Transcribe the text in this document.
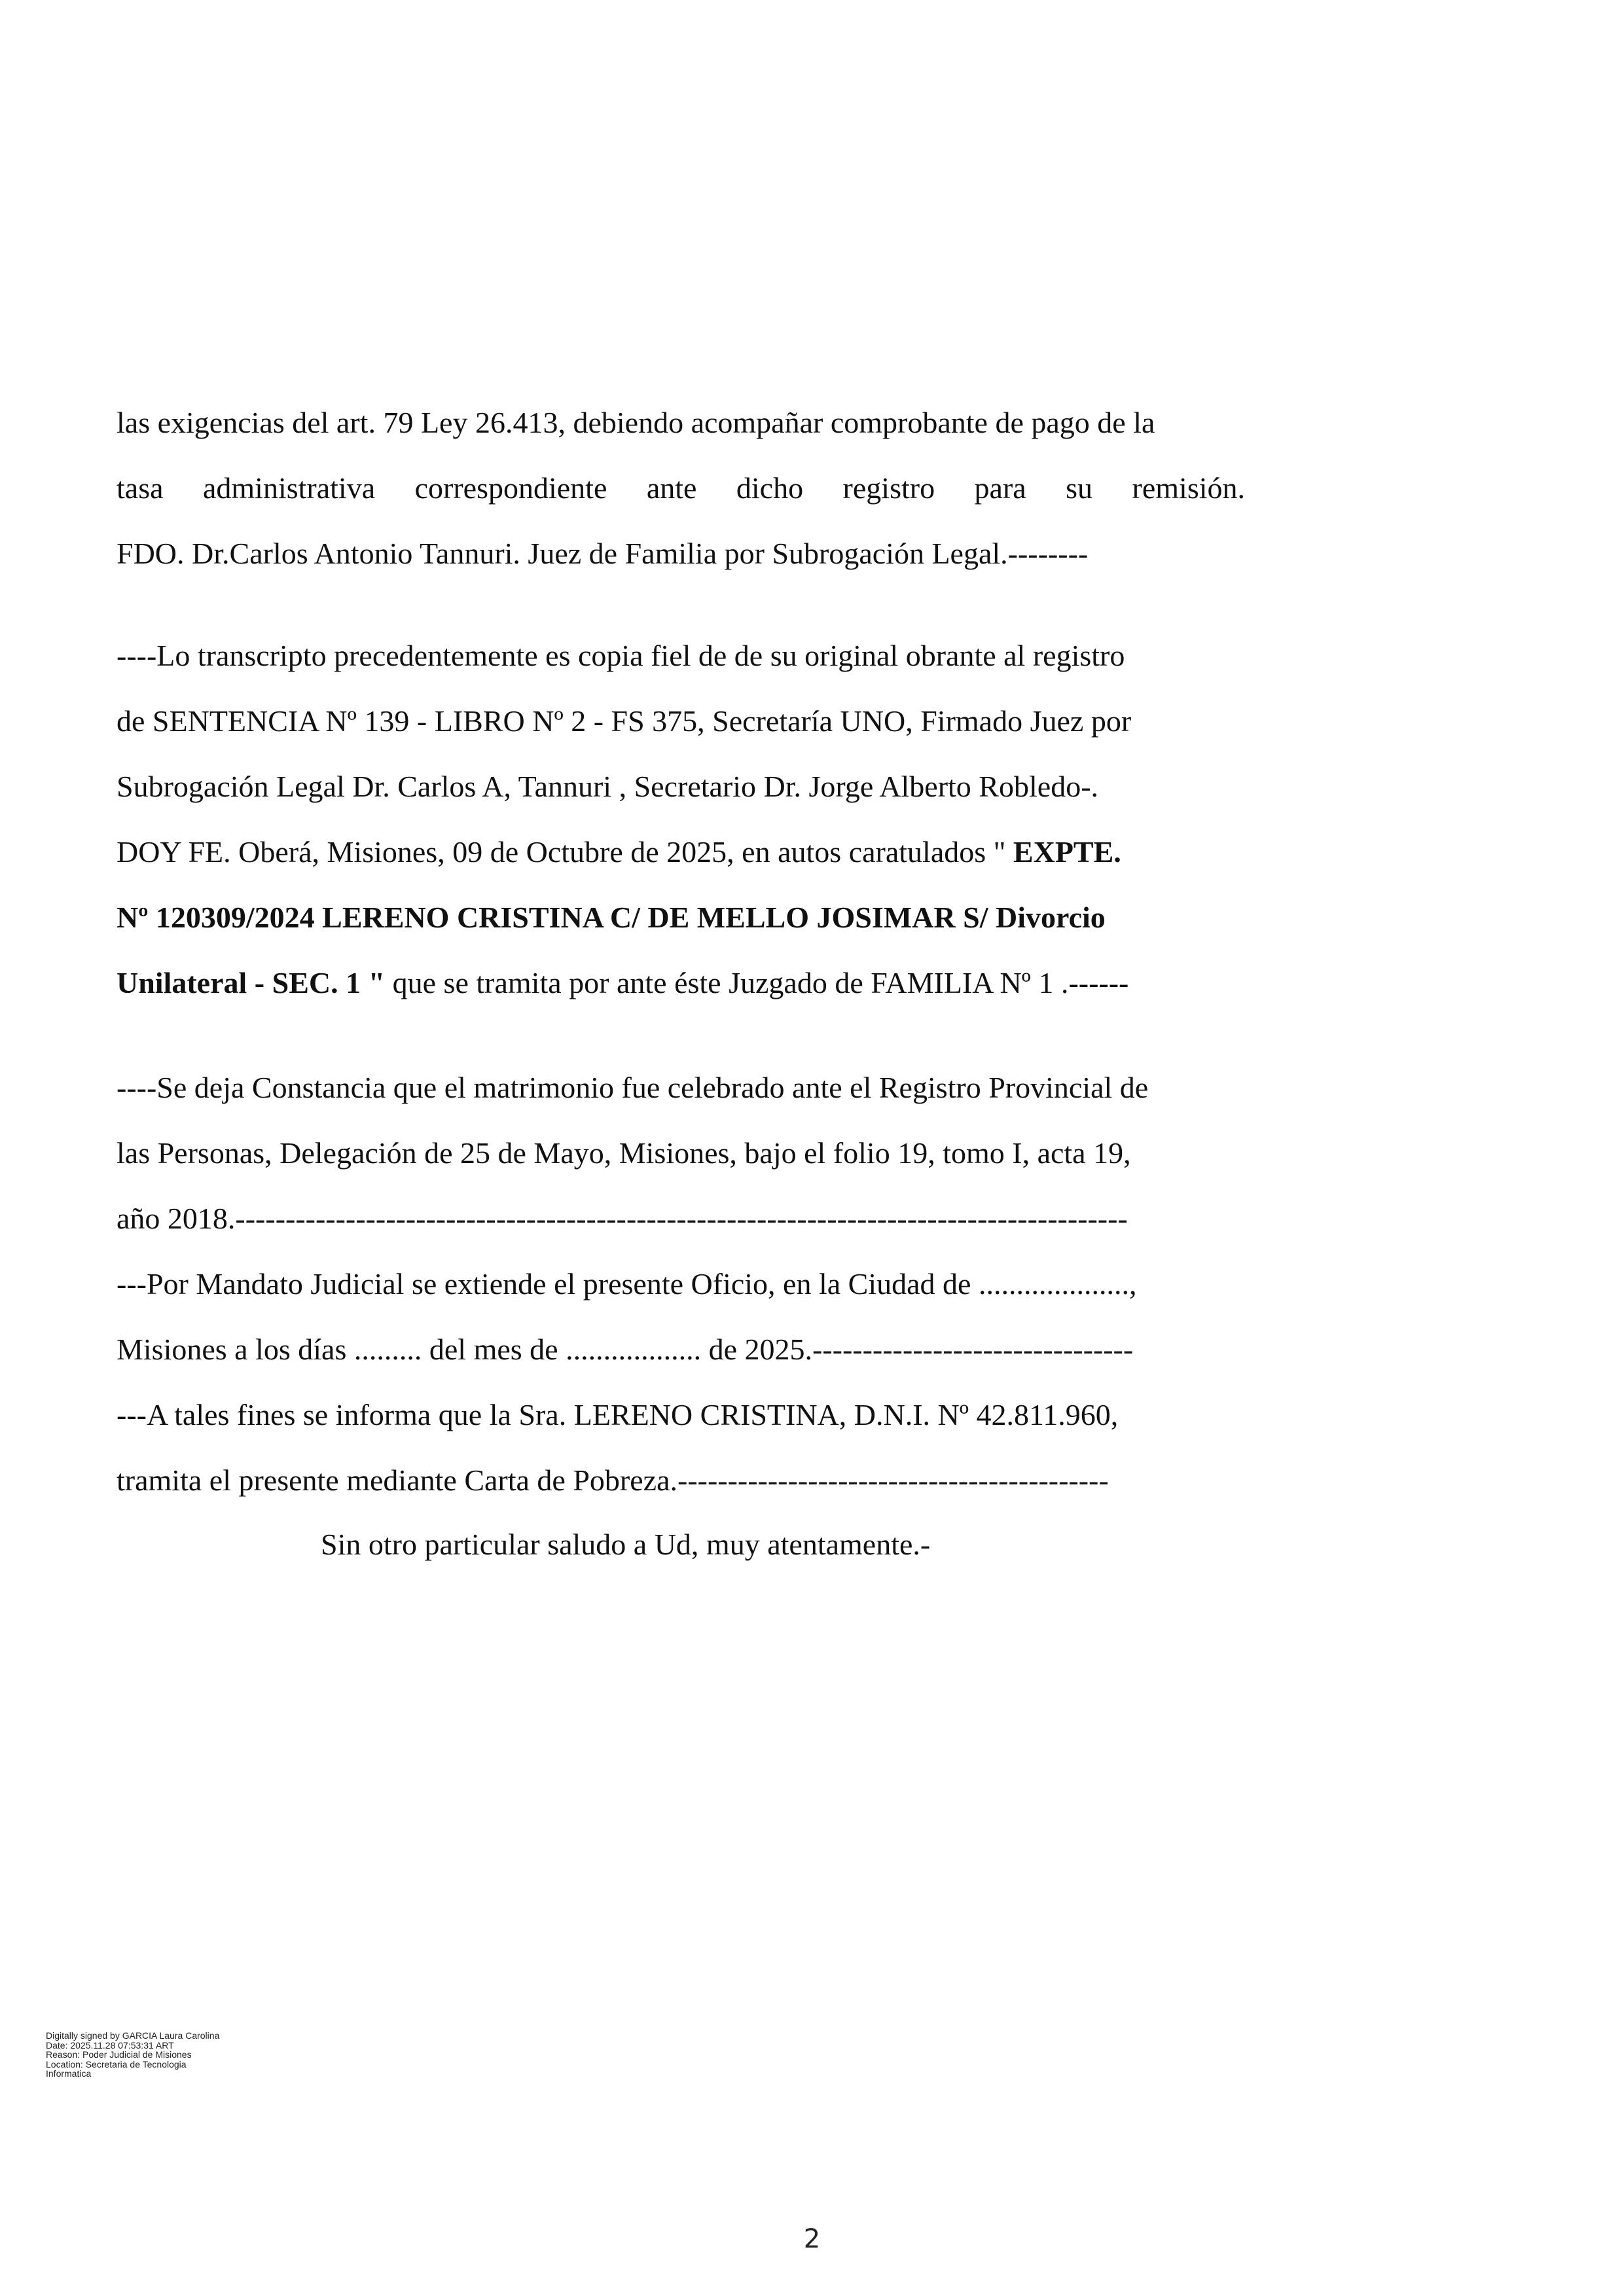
las exigencias del art. 79 Ley 26.413, debiendo acompañar comprobante de pago de la
tasa administrativa correspondiente ante dicho registro para su remisión.
FDO. Dr.Carlos Antonio Tannuri. Juez de Familia por Subrogación Legal.--------
----Lo transcripto precedentemente es copia fiel de de su original obrante al registro
de SENTENCIA Nº 139 - LIBRO Nº 2 - FS 375, Secretaría UNO, Firmado Juez por
Subrogación Legal Dr. Carlos A, Tannuri , Secretario Dr. Jorge Alberto Robledo-.
DOY FE. Oberá, Misiones, 09 de Octubre de 2025, en autos caratulados " EXPTE.
Nº 120309/2024 LERENO CRISTINA C/ DE MELLO JOSIMAR S/ Divorcio
Unilateral - SEC. 1 " que se tramita por ante éste Juzgado de FAMILIA Nº 1 .------
----Se deja Constancia que el matrimonio fue celebrado ante el Registro Provincial de
las Personas, Delegación de 25 de Mayo, Misiones, bajo el folio 19, tomo I, acta 19,
año 2018.-----------------------------------------------------------------------------------------
---Por Mandato Judicial se extiende el presente Oficio, en la Ciudad de ....................,
Misiones a los días ......... del mes de .................. de 2025.--------------------------------
---A tales fines se informa que la Sra. LERENO CRISTINA, D.N.I. Nº 42.811.960,
tramita el presente mediante Carta de Pobreza.-------------------------------------------
Sin otro particular saludo a Ud, muy atentamente.-
Digitally signed by GARCIA Laura Carolina
Date: 2025.11.28 07:53:31 ART
Reason: Poder Judicial de Misiones
Location: Secretaria de Tecnologia
Informatica
2
